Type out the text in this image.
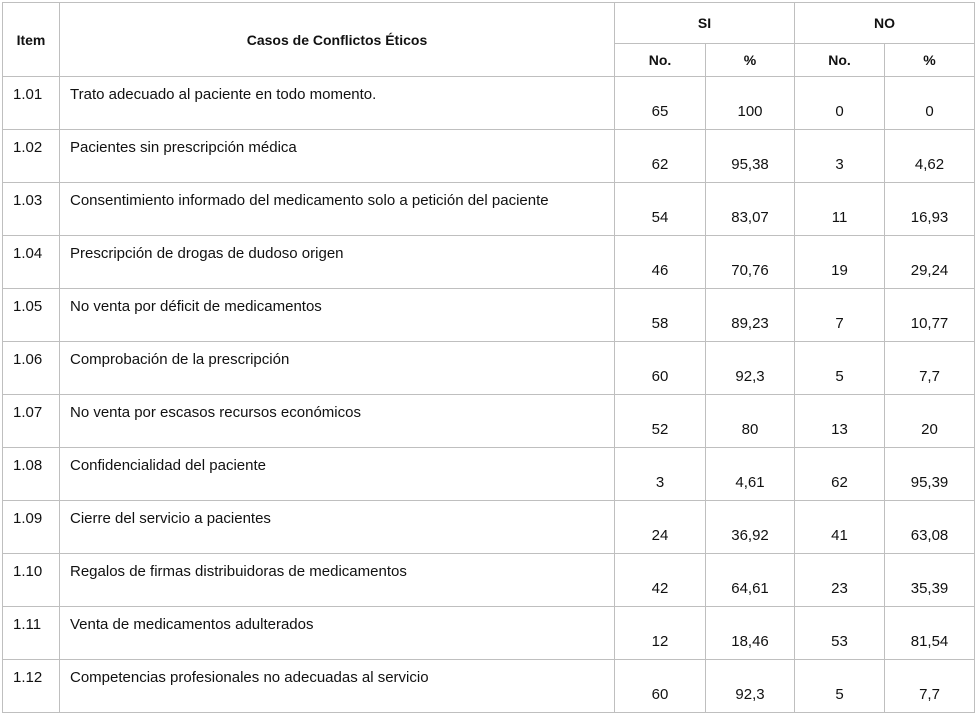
Item	Casos de Conflictos Éticos	SI		NO	
		No.	%	No.	%
1.01	Trato adecuado al paciente en todo momento.	65	100	0	0
1.02	Pacientes sin prescripción médica	62	95,38	3	4,62
1.03	Consentimiento informado del medicamento solo a petición del paciente	54	83,07	11	16,93
1.04	Prescripción de drogas de dudoso origen	46	70,76	19	29,24
1.05	No venta por déficit de medicamentos	58	89,23	7	10,77
1.06	Comprobación de la prescripción	60	92,3	5	7,7
1.07	No venta por escasos recursos económicos	52	80	13	20
1.08	Confidencialidad del paciente	3	4,61	62	95,39
1.09	Cierre del servicio a pacientes	24	36,92	41	63,08
1.10	Regalos de firmas distribuidoras de medicamentos	42	64,61	23	35,39
1.11	Venta de medicamentos adulterados	12	18,46	53	81,54
1.12	Competencias profesionales no adecuadas al servicio	60	92,3	5	7,7
